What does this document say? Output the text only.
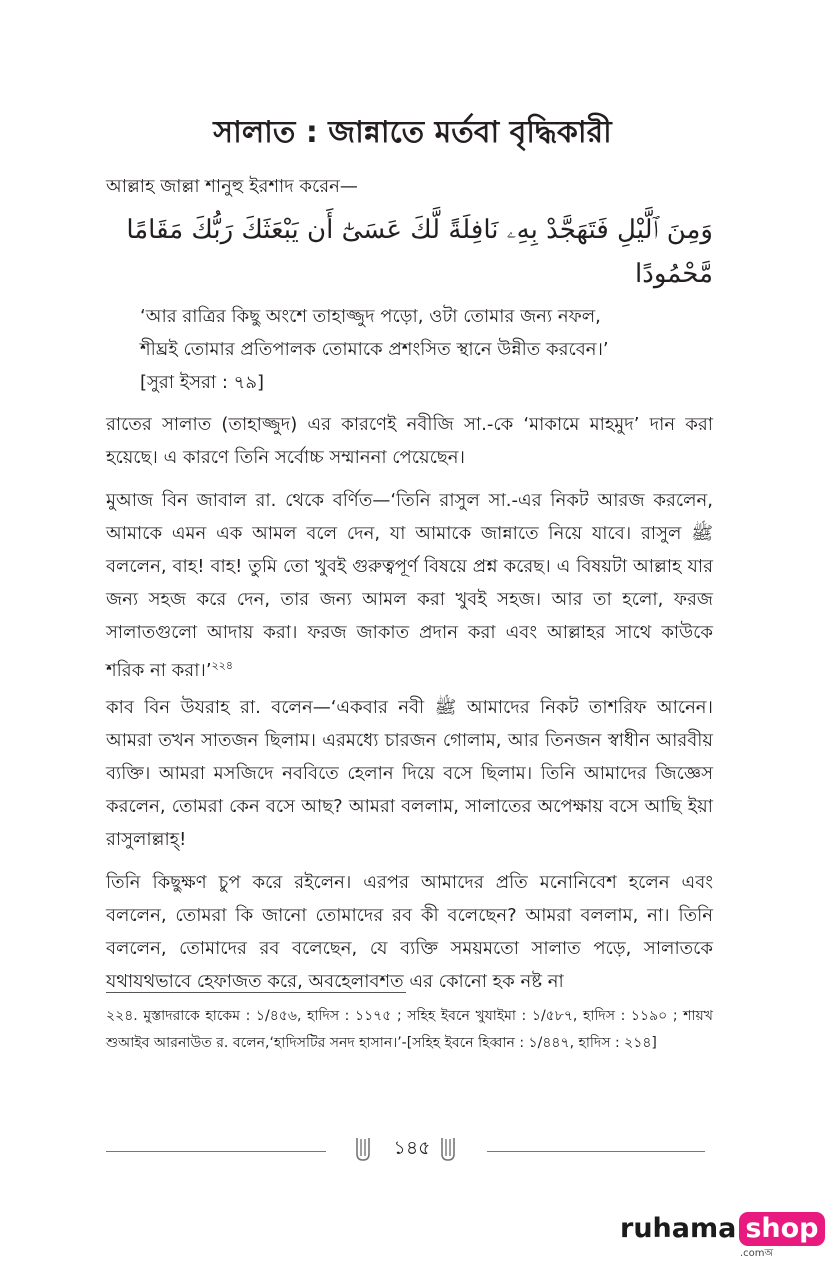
সালাত : জান্নাতে মর্তবা বৃদ্ধিকারী
আল্লাহ জাল্লা শানুহু ইরশাদ করেন—
وَمِنَ ٱلَّيْلِ فَتَهَجَّدْ بِهِۦ نَافِلَةً لَّكَ عَسَىٰٓ أَن يَبْعَثَكَ رَبُّكَ مَقَامًا
مَّحْمُودًا
‘আর রাত্রির কিছু অংশে তাহাজ্জুদ পড়ো, ওটা তোমার জন্য নফল,
শীঘ্রই তোমার প্রতিপালক তোমাকে প্রশংসিত স্থানে উন্নীত করবেন।’
[সুরা ইসরা : ৭৯]
রাতের সালাত (তাহাজ্জুদ) এর কারণেই নবীজি সা.-কে ‘মাকামে মাহমুদ’ দান করা হয়েছে। এ কারণে তিনি সর্বোচ্চ সম্মাননা পেয়েছেন।
মুআজ বিন জাবাল রা. থেকে বর্ণিত—‘তিনি রাসুল সা.-এর নিকট আরজ করলেন, আমাকে এমন এক আমল বলে দেন, যা আমাকে জান্নাতে নিয়ে যাবে। রাসুল ﷺ বললেন, বাহ! বাহ! তুমি তো খুবই গুরুত্বপূর্ণ বিষয়ে প্রশ্ন করেছ। এ বিষয়টা আল্লাহ যার জন্য সহজ করে দেন, তার জন্য আমল করা খুবই সহজ। আর তা হলো, ফরজ সালাতগুলো আদায় করা। ফরজ জাকাত প্রদান করা এবং আল্লাহর সাথে কাউকে শরিক না করা।’$^{২২৪}$
কাব বিন উযরাহ রা. বলেন—‘একবার নবী ﷺ আমাদের নিকট তাশরিফ আনেন। আমরা তখন সাতজন ছিলাম। এরমধ্যে চারজন গোলাম, আর তিনজন স্বাধীন আরবীয় ব্যক্তি। আমরা মসজিদে নববিতে হেলান দিয়ে বসে ছিলাম। তিনি আমাদের জিজ্ঞেস করলেন, তোমরা কেন বসে আছ? আমরা বললাম, সালাতের অপেক্ষায় বসে আছি ইয়া রাসুলাল্লাহ্!
তিনি কিছুক্ষণ চুপ করে রইলেন। এরপর আমাদের প্রতি মনোনিবেশ হলেন এবং বললেন, তোমরা কি জানো তোমাদের রব কী বলেছেন? আমরা বললাম, না। তিনি বললেন, তোমাদের রব বলেছেন, যে ব্যক্তি সময়মতো সালাত পড়ে, সালাতকে যথাযথভাবে হেফাজত করে, অবহেলাবশত এর কোনো হক নষ্ট না
২২৪. মুস্তাদরাকে হাকেম : ১/৪৫৬, হাদিস : ১১৭৫ ; সহিহ ইবনে খুযাইমা : ১/৫৮৭, হাদিস : ১১৯০ ; শায়খ শুআইব আরনাউত র. বলেন,‘হাদিসটির সনদ হাসান।’-[সহিহ ইবনে হিব্বান : ১/৪৪৭, হাদিস : ২১৪]
১৪৫
ruhama shop
.comঅ
